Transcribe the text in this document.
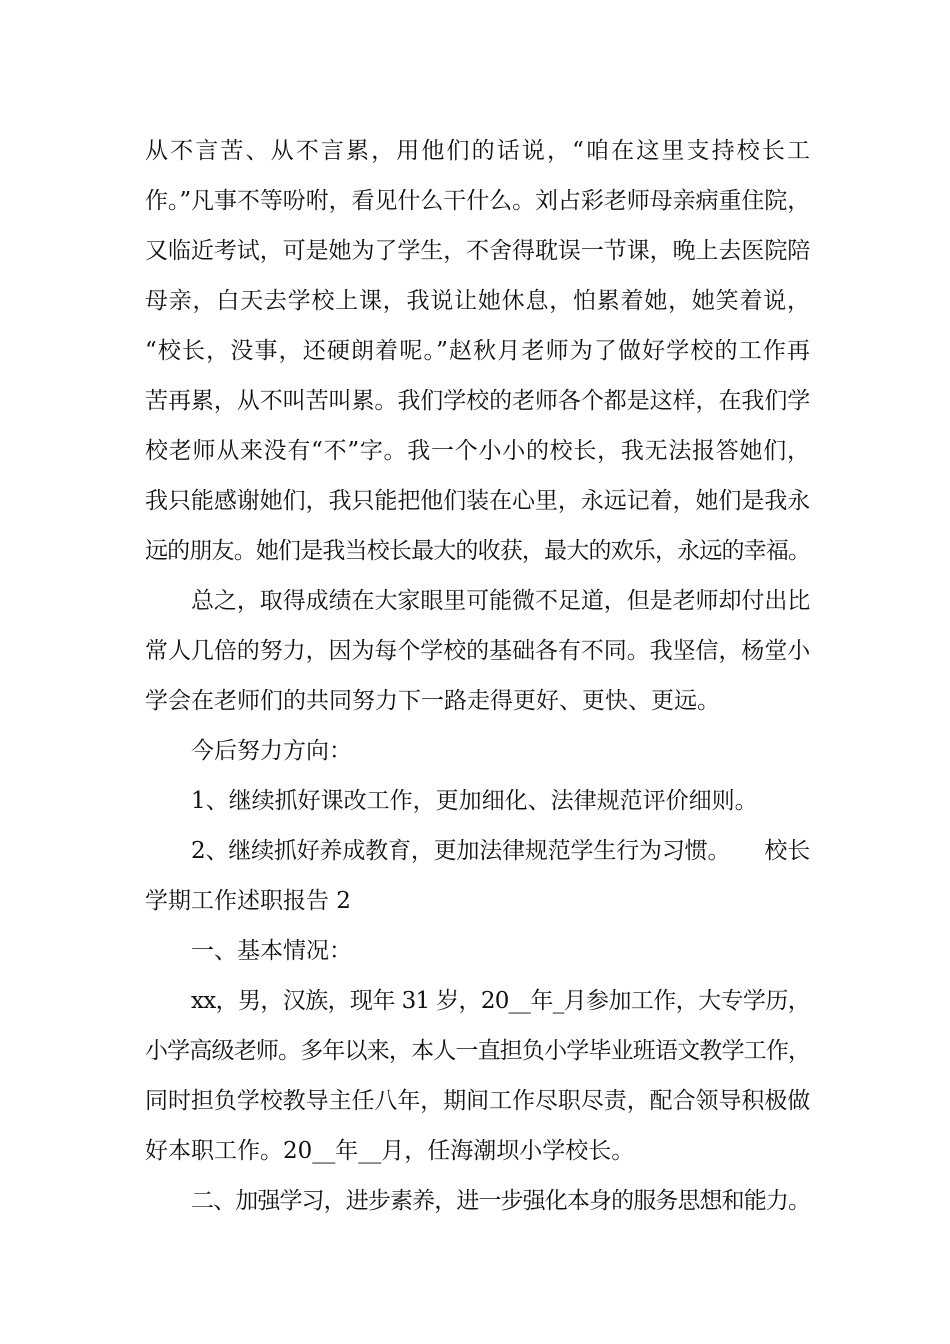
从不言苦、从不言累，用他们的话说，“咱在这里支持校长工
作。”凡事不等吩咐，看见什么干什么。刘占彩老师母亲病重住院，
又临近考试，可是她为了学生，不舍得耽误一节课，晚上去医院陪
母亲，白天去学校上课，我说让她休息，怕累着她，她笑着说，
“校长，没事，还硬朗着呢。”赵秋月老师为了做好学校的工作再
苦再累，从不叫苦叫累。我们学校的老师各个都是这样，在我们学
校老师从来没有“不”字。我一个小小的校长，我无法报答她们，
我只能感谢她们，我只能把他们装在心里，永远记着，她们是我永
远的朋友。她们是我当校长最大的收获，最大的欢乐，永远的幸福。
总之，取得成绩在大家眼里可能微不足道，但是老师却付出比
常人几倍的努力，因为每个学校的基础各有不同。我坚信，杨堂小
学会在老师们的共同努力下一路走得更好、更快、更远。
今后努力方向：
1、继续抓好课改工作，更加细化、法律规范评价细则。
2、继续抓好养成教育，更加法律规范学生行为习惯。　　校长
学期工作述职报告 2
一、基本情况：
xx，男，汉族，现年 31 岁，20__年_月参加工作，大专学历，
小学高级老师。多年以来，本人一直担负小学毕业班语文教学工作，
同时担负学校教导主任八年，期间工作尽职尽责，配合领导积极做
好本职工作。20__年__月，任海潮坝小学校长。
二、加强学习，进步素养，进一步强化本身的服务思想和能力。
